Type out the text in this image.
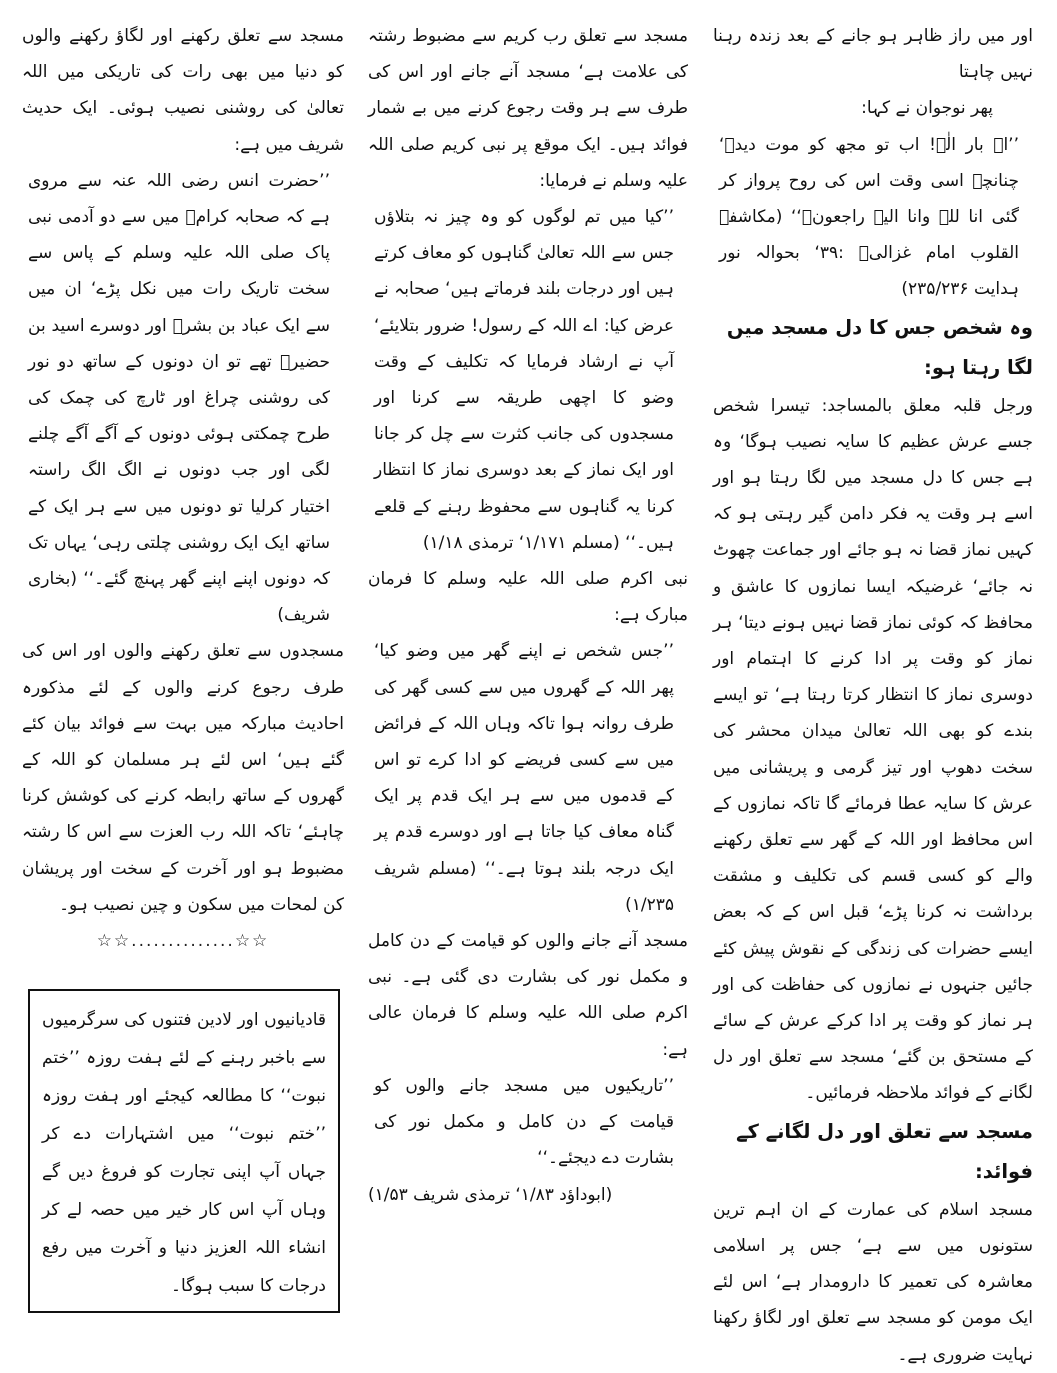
اور میں راز ظاہر ہو جانے کے بعد زندہ رہنا نہیں چاہتا

پھر نوجوان نے کہا:

’’اے بار الٰہ! اب تو مجھ کو موت دیدے‘ چنانچہ اسی وقت اس کی روح پرواز کر گئی انا للہ وانا الیہ راجعون۔‘‘ (مکاشفۃ القلوب امام غزالیؒ :۳۹‘ بحوالہ نور ہدایت ۲۳۵/۲۳۶)

وہ شخص جس کا دل مسجد میں لگا رہتا ہو:

ورجل قلبہ معلق بالمساجد: تیسرا شخص جسے عرش عظیم کا سایہ نصیب ہوگا‘ وہ ہے جس کا دل مسجد میں لگا رہتا ہو اور اسے ہر وقت یہ فکر دامن گیر رہتی ہو کہ کہیں نماز قضا نہ ہو جائے اور جماعت چھوٹ نہ جائے‘ غرضیکہ ایسا نمازوں کا عاشق و محافظ کہ کوئی نماز قضا نہیں ہونے دیتا‘ ہر نماز کو وقت پر ادا کرنے کا اہتمام اور دوسری نماز کا انتظار کرتا رہتا ہے‘ تو ایسے بندے کو بھی اللہ تعالیٰ میدان محشر کی سخت دھوپ اور تیز گرمی و پریشانی میں عرش کا سایہ عطا فرمائے گا تاکہ نمازوں کے اس محافظ اور اللہ کے گھر سے تعلق رکھنے والے کو کسی قسم کی تکلیف و مشقت برداشت نہ کرنا پڑے‘ قبل اس کے کہ بعض ایسے حضرات کی زندگی کے نقوش پیش کئے جائیں جنہوں نے نمازوں کی حفاظت کی اور ہر نماز کو وقت پر ادا کرکے عرش کے سائے کے مستحق بن گئے‘ مسجد سے تعلق اور دل لگانے کے فوائد ملاحظہ فرمائیں۔

مسجد سے تعلق اور دل لگانے کے فوائد:

مسجد اسلام کی عمارت کے ان اہم ترین ستونوں میں سے ہے‘ جس پر اسلامی معاشرہ کی تعمیر کا دارومدار ہے‘ اس لئے ایک مومن کو مسجد سے تعلق اور لگاؤ رکھنا نہایت ضروری ہے۔

مسجد سے تعلق رب کریم سے مضبوط رشتہ کی علامت ہے‘ مسجد آنے جانے اور اس کی طرف سے ہر وقت رجوع کرنے میں بے شمار فوائد ہیں۔ ایک موقع پر نبی کریم صلی اللہ علیہ وسلم نے فرمایا:

’’کیا میں تم لوگوں کو وہ چیز نہ بتلاؤں جس سے اللہ تعالیٰ گناہوں کو معاف کرتے ہیں اور درجات بلند فرماتے ہیں‘ صحابہ نے عرض کیا: اے اللہ کے رسول! ضرور بتلایئے‘ آپ نے ارشاد فرمایا کہ تکلیف کے وقت وضو کا اچھی طریقہ سے کرنا اور مسجدوں کی جانب کثرت سے چل کر جانا اور ایک نماز کے بعد دوسری نماز کا انتظار کرنا یہ گناہوں سے محفوظ رہنے کے قلعے ہیں۔‘‘ (مسلم ۱/۱۷۱‘ ترمذی ۱/۱۸)

نبی اکرم صلی اللہ علیہ وسلم کا فرمان مبارک ہے:

’’جس شخص نے اپنے گھر میں وضو کیا‘ پھر اللہ کے گھروں میں سے کسی گھر کی طرف روانہ ہوا تاکہ وہاں اللہ کے فرائض میں سے کسی فریضے کو ادا کرے تو اس کے قدموں میں سے ہر ایک قدم پر ایک گناہ معاف کیا جاتا ہے اور دوسرے قدم پر ایک درجہ بلند ہوتا ہے۔‘‘ (مسلم شریف ۱/۲۳۵)

مسجد آنے جانے والوں کو قیامت کے دن کامل و مکمل نور کی بشارت دی گئی ہے۔ نبی اکرم صلی اللہ علیہ وسلم کا فرمان عالی ہے:

’’تاریکیوں میں مسجد جانے والوں کو قیامت کے دن کامل و مکمل نور کی بشارت دے دیجئے۔‘‘

(ابوداؤد ۱/۸۳‘ ترمذی شریف ۱/۵۳)

مسجد سے تعلق رکھنے اور لگاؤ رکھنے والوں کو دنیا میں بھی رات کی تاریکی میں اللہ تعالیٰ کی روشنی نصیب ہوئی۔ ایک حدیث شریف میں ہے:

’’حضرت انس رضی اللہ عنہ سے مروی ہے کہ صحابہ کرامؓ میں سے دو آدمی نبی پاک صلی اللہ علیہ وسلم کے پاس سے سخت تاریک رات میں نکل پڑے‘ ان میں سے ایک عباد بن بشرؓ اور دوسرے اسید بن حضیرؓ تھے تو ان دونوں کے ساتھ دو نور کی روشنی چراغ اور ٹارچ کی چمک کی طرح چمکتی ہوئی دونوں کے آگے آگے چلنے لگی اور جب دونوں نے الگ الگ راستہ اختیار کرلیا تو دونوں میں سے ہر ایک کے ساتھ ایک ایک روشنی چلتی رہی‘ یہاں تک کہ دونوں اپنے اپنے گھر پہنچ گئے۔‘‘ (بخاری شریف)

مسجدوں سے تعلق رکھنے والوں اور اس کی طرف رجوع کرنے والوں کے لئے مذکورہ احادیث مبارکہ میں بہت سے فوائد بیان کئے گئے ہیں‘ اس لئے ہر مسلمان کو اللہ کے گھروں کے ساتھ رابطہ کرنے کی کوشش کرنا چاہئے‘ تاکہ اللہ رب العزت سے اس کا رشتہ مضبوط ہو اور آخرت کے سخت اور پریشان کن لمحات میں سکون و چین نصیب ہو۔

☆☆..............☆☆

قادیانیوں اور لادین فتنوں کی سرگرمیوں سے باخبر رہنے کے لئے ہفت روزہ ’’ختم نبوت‘‘ کا مطالعہ کیجئے اور ہفت روزہ ’’ختم نبوت‘‘ میں اشتہارات دے کر جہاں آپ اپنی تجارت کو فروغ دیں گے وہاں آپ اس کار خیر میں حصہ لے کر انشاء اللہ العزیز دنیا و آخرت میں رفع درجات کا سبب ہوگا۔
